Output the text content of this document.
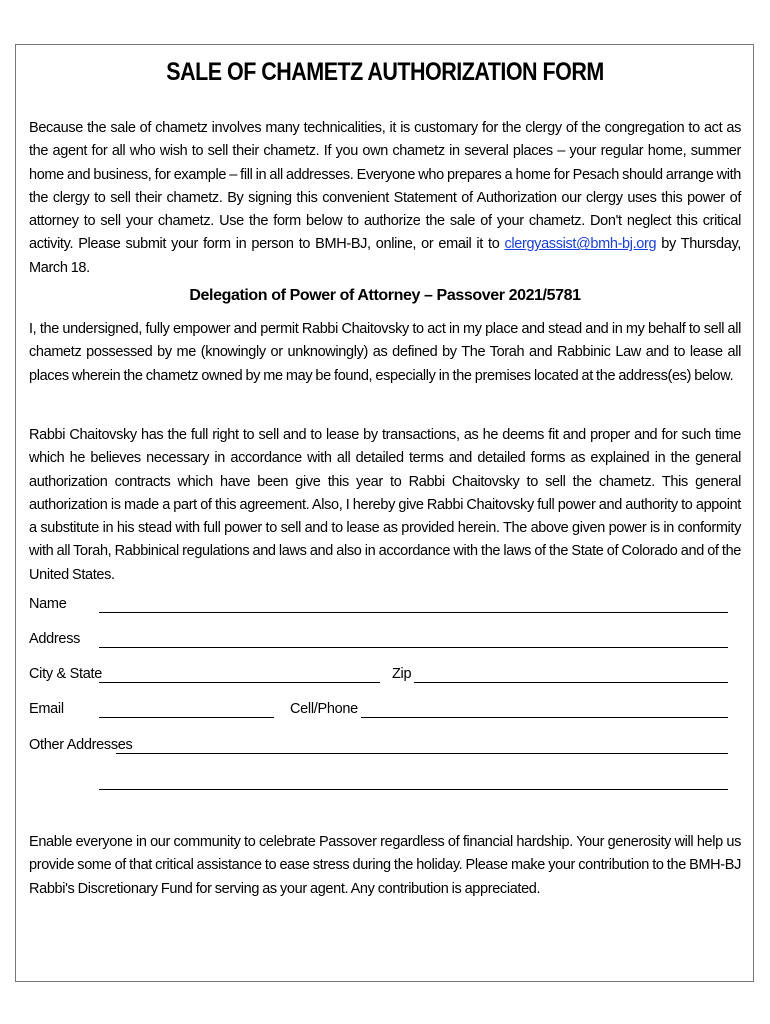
SALE OF CHAMETZ AUTHORIZATION FORM
Because the sale of chametz involves many technicalities, it is customary for the clergy of the congregation to act as the agent for all who wish to sell their chametz. If you own chametz in several places – your regular home, summer home and business, for example – fill in all addresses. Everyone who prepares a home for Pesach should arrange with the clergy to sell their chametz. By signing this convenient Statement of Authorization our clergy uses this power of attorney to sell your chametz. Use the form below to authorize the sale of your chametz. Don't neglect this critical activity. Please submit your form in person to BMH-BJ, online, or email it to clergyassist@bmh-bj.org by Thursday, March 18.
Delegation of Power of Attorney – Passover 2021/5781
I, the undersigned, fully empower and permit Rabbi Chaitovsky to act in my place and stead and in my behalf to sell all chametz possessed by me (knowingly or unknowingly) as defined by The Torah and Rabbinic Law and to lease all places wherein the chametz owned by me may be found, especially in the premises located at the address(es) below.
Rabbi Chaitovsky has the full right to sell and to lease by transactions, as he deems fit and proper and for such time which he believes necessary in accordance with all detailed terms and detailed forms as explained in the general authorization contracts which have been give this year to Rabbi Chaitovsky to sell the chametz. This general authorization is made a part of this agreement. Also, I hereby give Rabbi Chaitovsky full power and authority to appoint a substitute in his stead with full power to sell and to lease as provided herein. The above given power is in conformity with all Torah, Rabbinical regulations and laws and also in accordance with the laws of the State of Colorado and of the United States.
Name
Address
City & State	Zip
Email	Cell/Phone
Other Addresses
Enable everyone in our community to celebrate Passover regardless of financial hardship. Your generosity will help us provide some of that critical assistance to ease stress during the holiday. Please make your contribution to the BMH-BJ Rabbi's Discretionary Fund for serving as your agent. Any contribution is appreciated.
